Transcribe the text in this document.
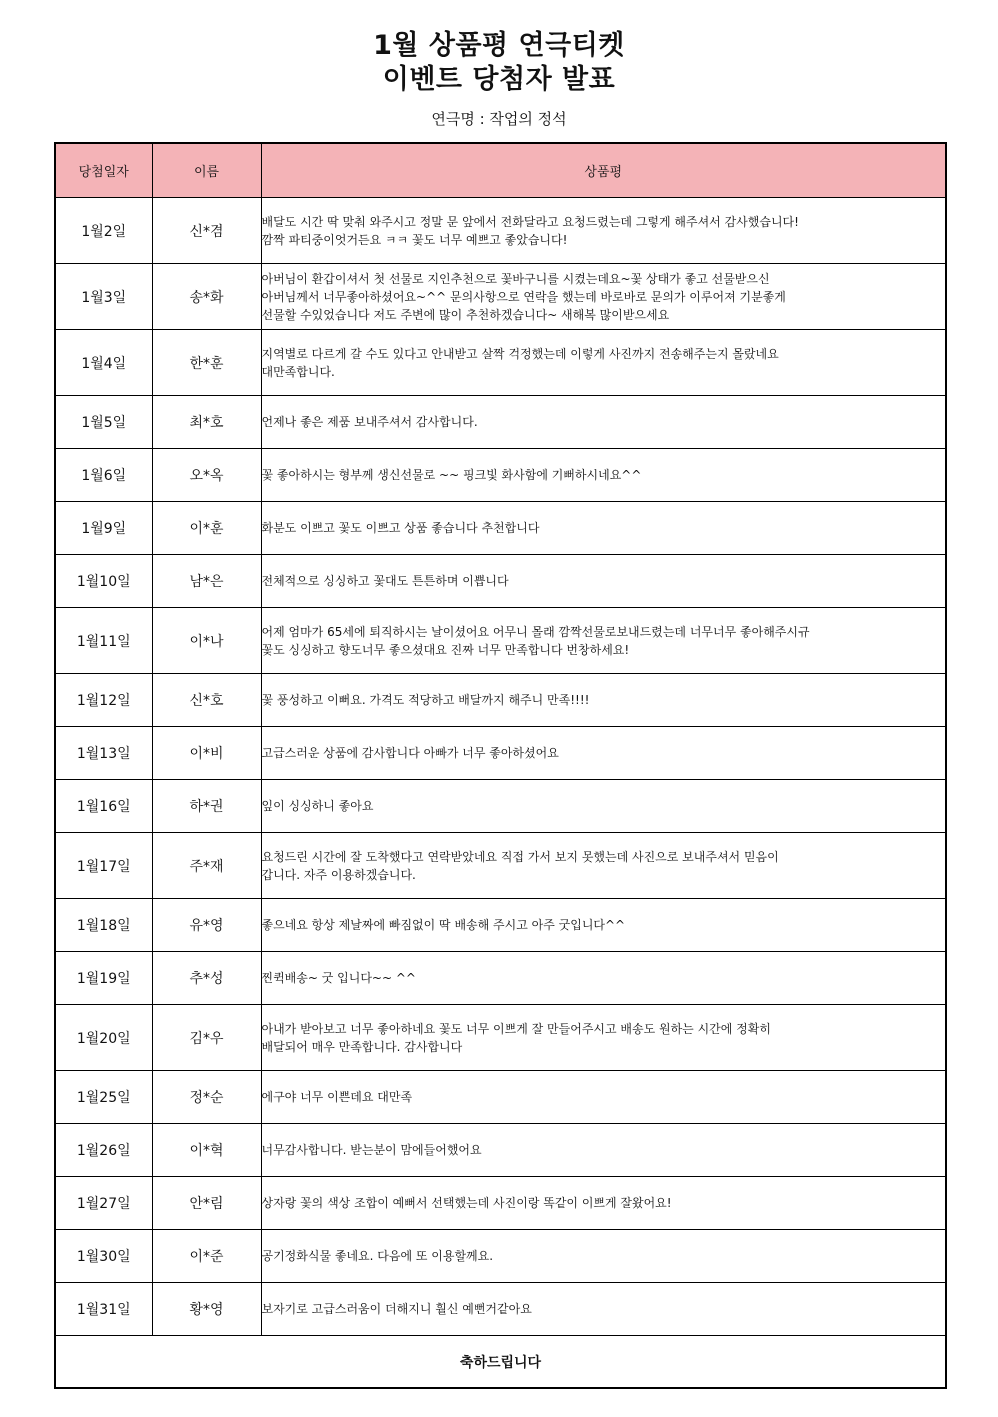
1월 상품평 연극티켓
이벤트 당첨자 발표
연극명 : 작업의 정석
당첨일자	이름	상품평
1월2일	신*겸	배달도 시간 딱 맞춰 와주시고 정말 문 앞에서 전화달라고 요청드렸는데 그렇게 해주셔서 감사했습니다!
깜짝 파티중이엇거든요 ㅋㅋ 꽃도 너무 예쁘고 좋았습니다!
1월3일	송*화	아버님이 환갑이셔서 첫 선물로 지인추천으로 꽃바구니를 시켰는데요~꽃 상태가 좋고 선물받으신
아버님께서 너무좋아하셨어요~^^ 문의사항으로 연락을 했는데 바로바로 문의가 이루어져 기분좋게
선물할 수있었습니다 저도 주변에 많이 추천하겠습니다~ 새해복 많이받으세요
1월4일	한*훈	지역별로 다르게 갈 수도 있다고 안내받고 살짝 걱정했는데 이렇게 사진까지 전송해주는지 몰랐네요
대만족합니다.
1월5일	최*호	언제나 좋은 제품 보내주셔서 감사합니다.
1월6일	오*옥	꽃 좋아하시는 형부께 생신선물로 ~~ 핑크빛 화사함에 기뻐하시네요^^
1월9일	이*훈	화분도 이쁘고 꽃도 이쁘고 상품 좋습니다 추천합니다
1월10일	남*은	전체적으로 싱싱하고 꽃대도 튼튼하며 이쁩니다
1월11일	이*나	어제 엄마가 65세에 퇴직하시는 날이셨어요 어무니 몰래 깜짝선물로보내드렸는데 너무너무 좋아해주시규
꽃도 싱싱하고 향도너무 좋으셨대요 진짜 너무 만족합니다 번창하세요!
1월12일	신*호	꽃 풍성하고 이뻐요. 가격도 적당하고 배달까지 해주니 만족!!!!
1월13일	이*비	고급스러운 상품에 감사합니다 아빠가 너무 좋아하셨어요
1월16일	하*권	잎이 싱싱하니 좋아요
1월17일	주*재	요청드린 시간에 잘 도착했다고 연락받았네요 직접 가서 보지 못했는데 사진으로 보내주셔서 믿음이
갑니다. 자주 이용하겠습니다.
1월18일	유*영	좋으네요 항상 제날짜에 빠짐없이 딱 배송해 주시고 아주 굿입니다^^
1월19일	추*성	찐퀵배송~ 굿 입니다~~ ^^
1월20일	김*우	아내가 받아보고 너무 좋아하네요 꽃도 너무 이쁘게 잘 만들어주시고 배송도 원하는 시간에 정확히
배달되어 매우 만족합니다. 감사합니다
1월25일	정*순	에구야 너무 이쁜데요 대만족
1월26일	이*혁	너무감사합니다. 받는분이 맘에들어했어요
1월27일	안*림	상자랑 꽃의 색상 조합이 예뻐서 선택했는데 사진이랑 똑같이 이쁘게 잘왔어요!
1월30일	이*준	공기정화식물 좋네요. 다음에 또 이용할께요.
1월31일	황*영	보자기로 고급스러움이 더해지니 훨신 예뻔거같아요
축하드립니다		
